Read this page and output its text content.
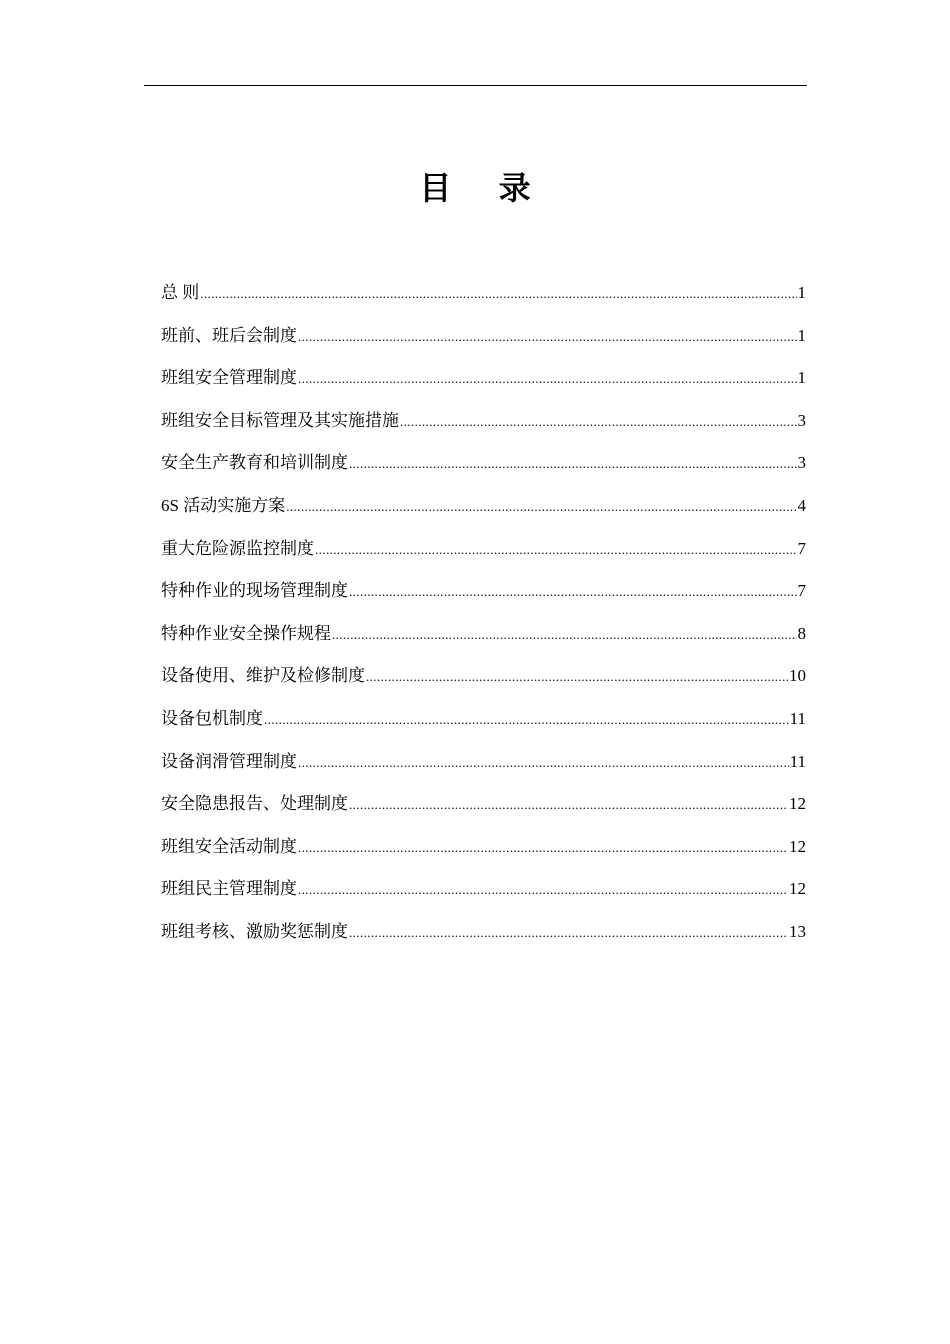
目 录
总 则 .....	1
班前、班后会制度 .....	1
班组安全管理制度 .....	1
班组安全目标管理及其实施措施 .....	3
安全生产教育和培训制度 .....	3
6S 活动实施方案 .....	4
重大危险源监控制度 .....	7
特种作业的现场管理制度 .....	7
特种作业安全操作规程 .....	8
设备使用、维护及检修制度 .....	10
设备包机制度 .....	11
设备润滑管理制度 .....	11
安全隐患报告、处理制度 .....	12
班组安全活动制度 .....	12
班组民主管理制度 .....	12
班组考核、激励奖惩制度 .....	13
